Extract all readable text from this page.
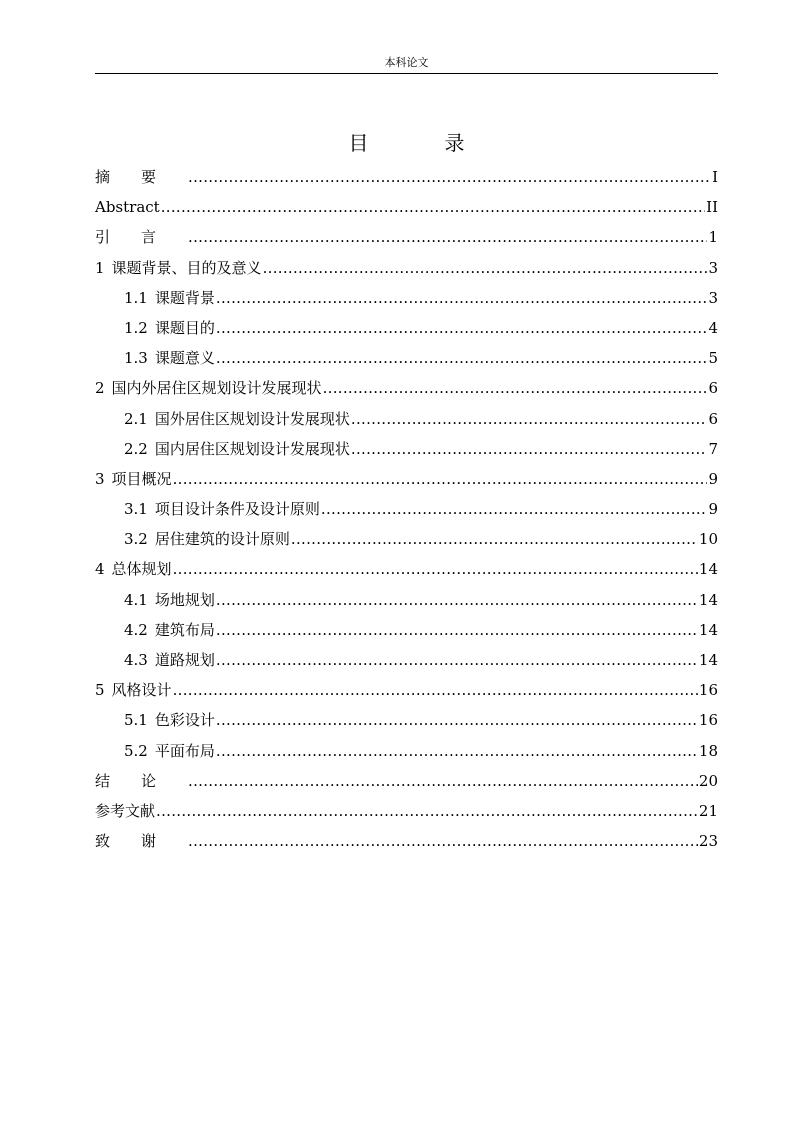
本科论文
目　录
摘要 .....	I
Abstract .....	II
引言 .....	1
1 课题背景、目的及意义 .....	3
1.1 课题背景 .....	3
1.2 课题目的 .....	4
1.3 课题意义 .....	5
2 国内外居住区规划设计发展现状 .....	6
2.1 国外居住区规划设计发展现状 .....	6
2.2 国内居住区规划设计发展现状 .....	7
3 项目概况 .....	9
3.1 项目设计条件及设计原则 .....	9
3.2 居住建筑的设计原则 .....	10
4 总体规划 .....	14
4.1 场地规划 .....	14
4.2 建筑布局 .....	14
4.3 道路规划 .....	14
5 风格设计 .....	16
5.1 色彩设计 .....	16
5.2 平面布局 .....	18
结论 .....	20
参考文献 .....	21
致谢 .....	23
